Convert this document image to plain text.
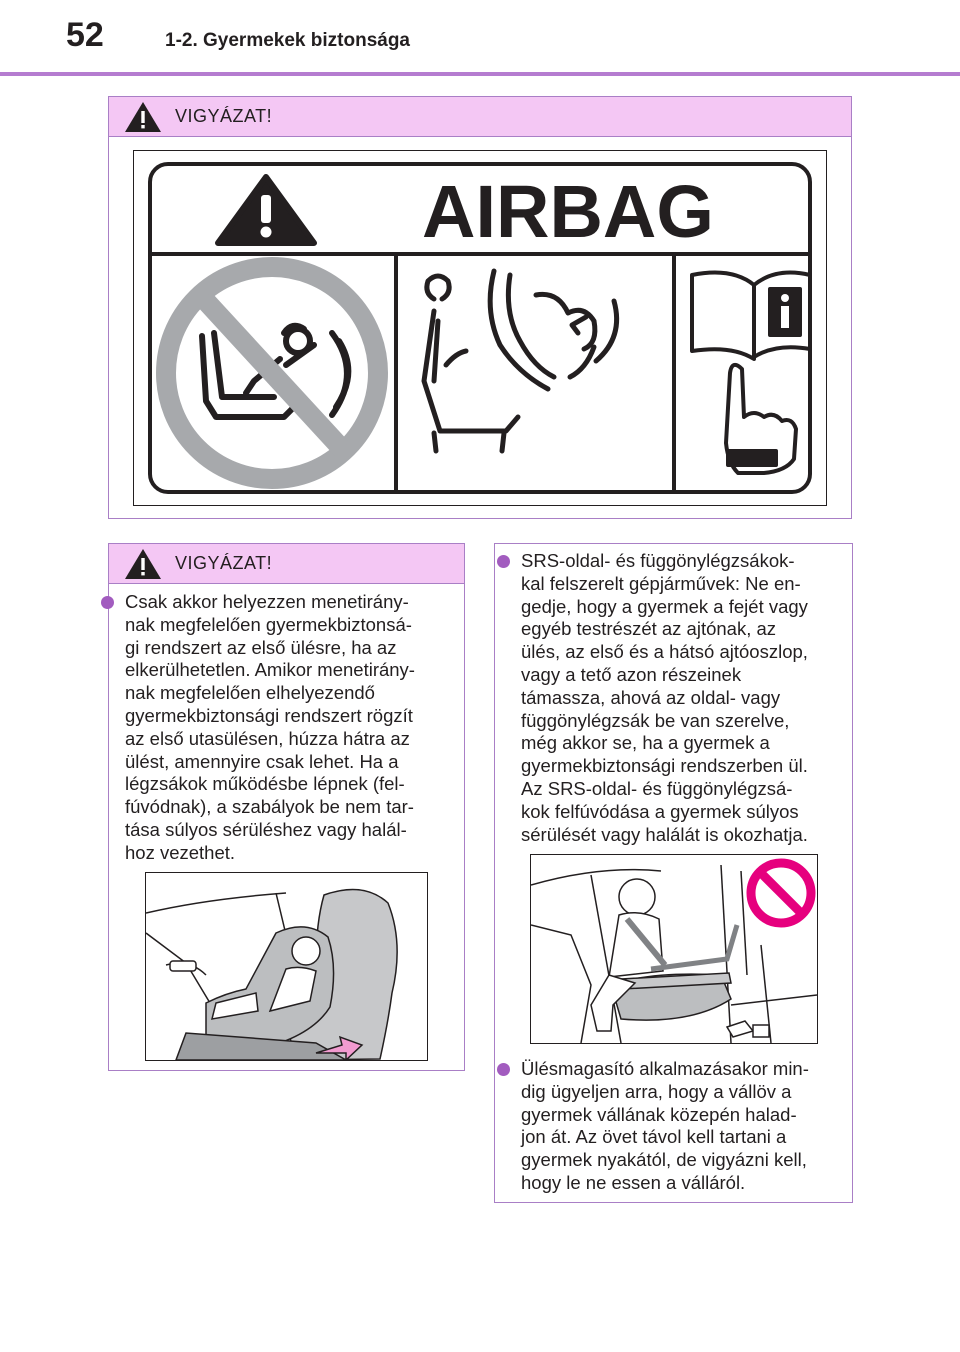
52	1-2. Gyermekek biztonsága
VIGYÁZAT!
AIRBAG
VIGYÁZAT!
Csak akkor helyezzen menetirány-
nak megfelelően gyermekbiztonsá-
gi rendszert az első ülésre, ha az
elkerülhetetlen. Amikor menetirány-
nak megfelelően elhelyezendő
gyermekbiztonsági rendszert rögzít
az első utasülésen, húzza hátra az
ülést, amennyire csak lehet. Ha a
légzsákok működésbe lépnek (fel-
fúvódnak), a szabályok be nem tar-
tása súlyos sérüléshez vagy halál-
hoz vezethet.
SRS-oldal- és függönylégzsákok-
kal felszerelt gépjárművek: Ne en-
gedje, hogy a gyermek a fejét vagy
egyéb testrészét az ajtónak, az
ülés, az első és a hátsó ajtóoszlop,
vagy a tető azon részeinek
támassza, ahová az oldal- vagy
függönylégzsák be van szerelve,
még akkor se, ha a gyermek a
gyermekbiztonsági rendszerben ül.
Az SRS-oldal- és függönylégzsá-
kok felfúvódása a gyermek súlyos
sérülését vagy halálát is okozhatja.
Ülésmagasító alkalmazásakor min-
dig ügyeljen arra, hogy a vállöv a
gyermek vállának közepén halad-
jon át. Az övet távol kell tartani a
gyermek nyakától, de vigyázni kell,
hogy le ne essen a válláról.
